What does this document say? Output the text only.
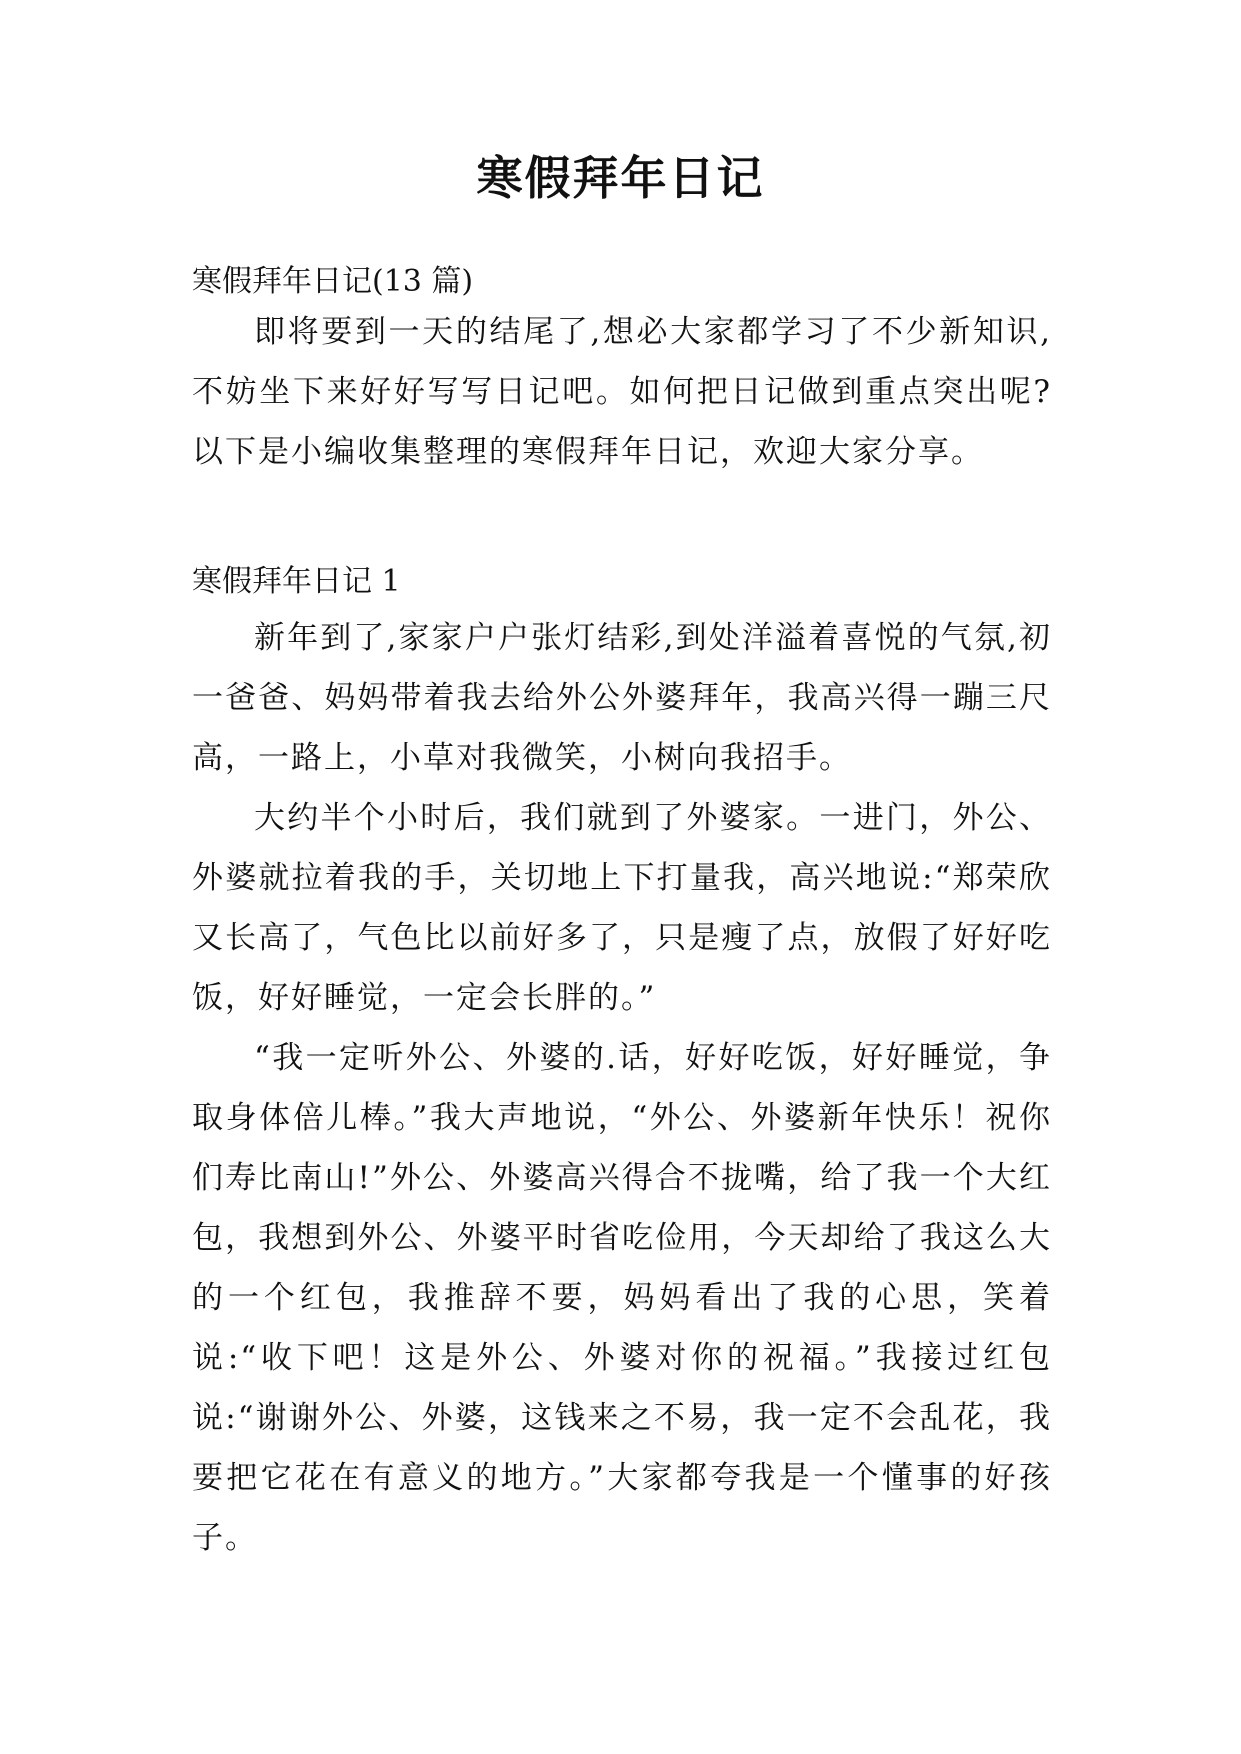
寒假拜年日记

寒假拜年日记(13 篇)

即将要到一天的结尾了,想必大家都学习了不少新知识,不妨坐下来好好写写日记吧。如何把日记做到重点突出呢?以下是小编收集整理的寒假拜年日记，欢迎大家分享。

寒假拜年日记 1

新年到了,家家户户张灯结彩,到处洋溢着喜悦的气氛,初一爸爸、妈妈带着我去给外公外婆拜年，我高兴得一蹦三尺高，一路上，小草对我微笑，小树向我招手。

大约半个小时后，我们就到了外婆家。一进门，外公、外婆就拉着我的手，关切地上下打量我，高兴地说:“郑荣欣又长高了，气色比以前好多了，只是瘦了点，放假了好好吃饭，好好睡觉，一定会长胖的。”

“我一定听外公、外婆的.话，好好吃饭，好好睡觉，争取身体倍儿棒。”我大声地说，“外公、外婆新年快乐！祝你们寿比南山!”外公、外婆高兴得合不拢嘴，给了我一个大红包，我想到外公、外婆平时省吃俭用，今天却给了我这么大的一个红包，我推辞不要，妈妈看出了我的心思，笑着说:“收下吧！这是外公、外婆对你的祝福。”我接过红包说:“谢谢外公、外婆，这钱来之不易，我一定不会乱花，我要把它花在有意义的地方。”大家都夸我是一个懂事的好孩子。
